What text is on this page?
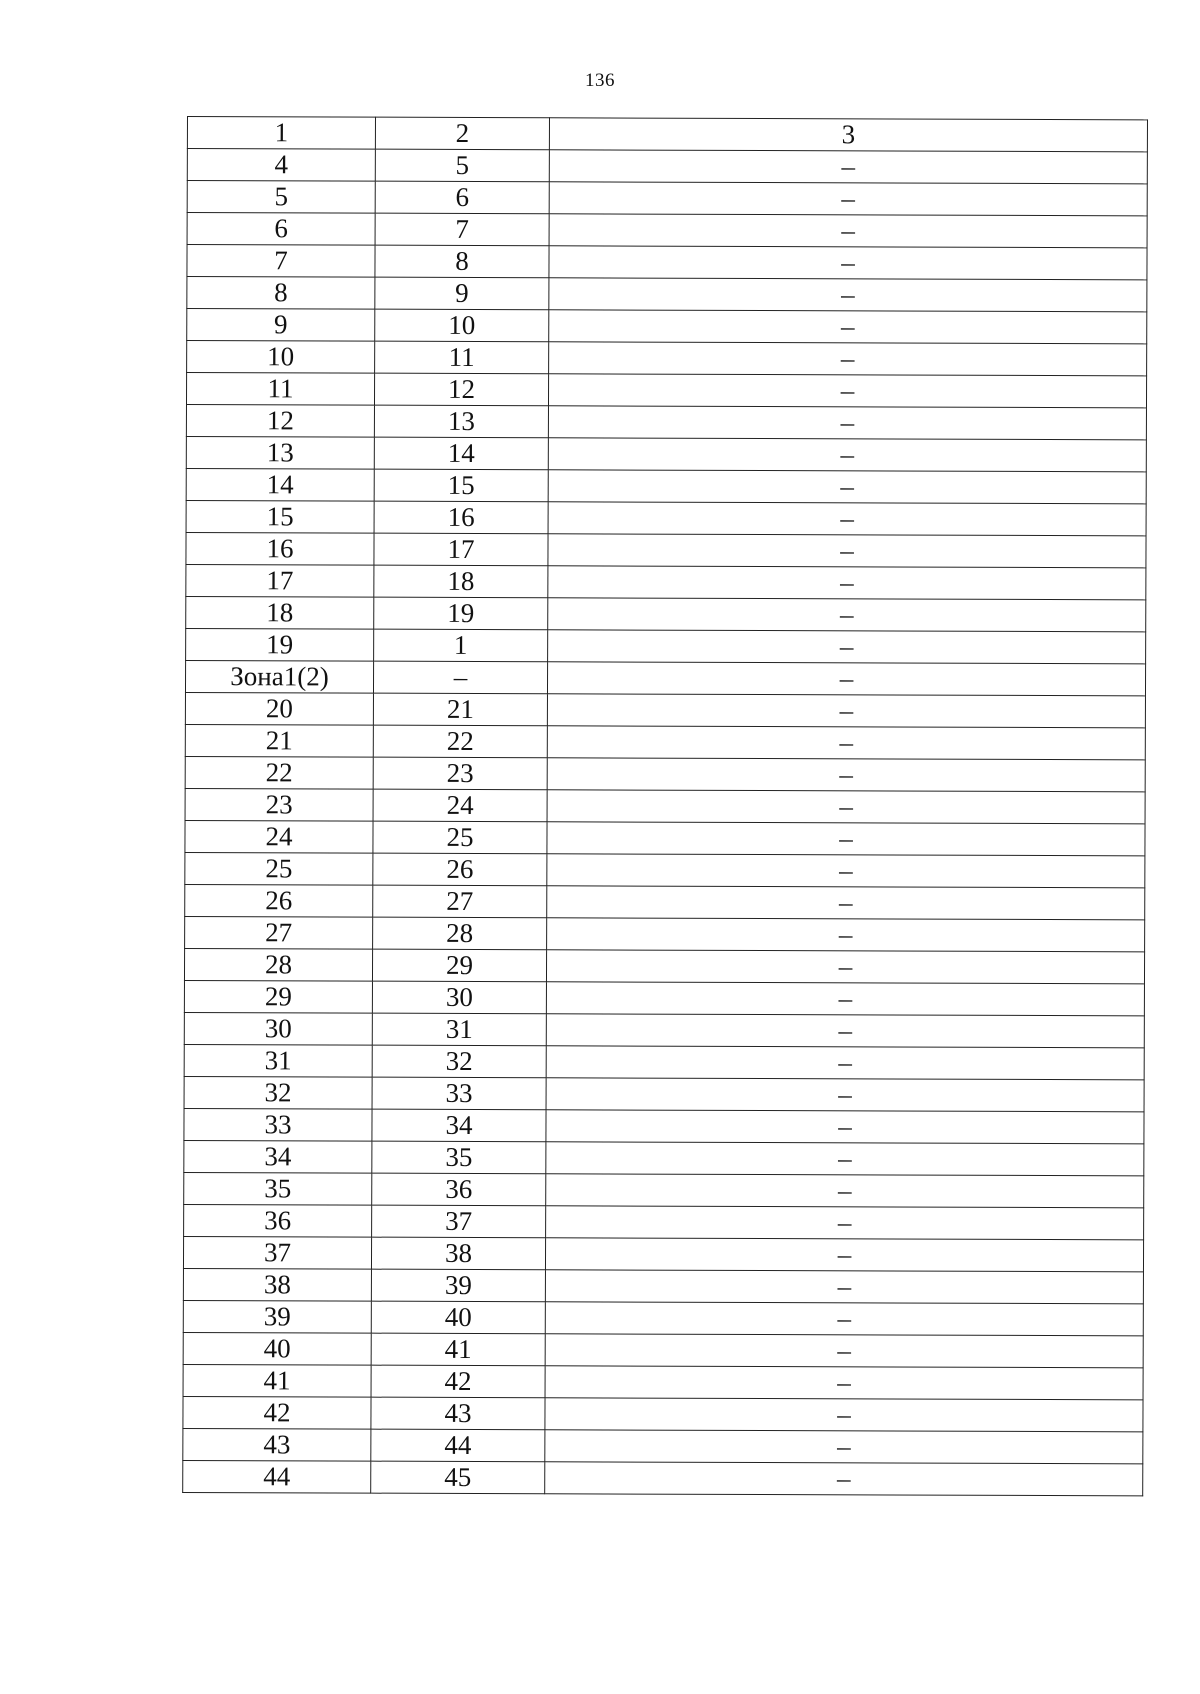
136
1	2	3
4	5	–
5	6	–
6	7	–
7	8	–
8	9	–
9	10	–
10	11	–
11	12	–
12	13	–
13	14	–
14	15	–
15	16	–
16	17	–
17	18	–
18	19	–
19	1	–
Зона1(2)	–	–
20	21	–
21	22	–
22	23	–
23	24	–
24	25	–
25	26	–
26	27	–
27	28	–
28	29	–
29	30	–
30	31	–
31	32	–
32	33	–
33	34	–
34	35	–
35	36	–
36	37	–
37	38	–
38	39	–
39	40	–
40	41	–
41	42	–
42	43	–
43	44	–
44	45	–
